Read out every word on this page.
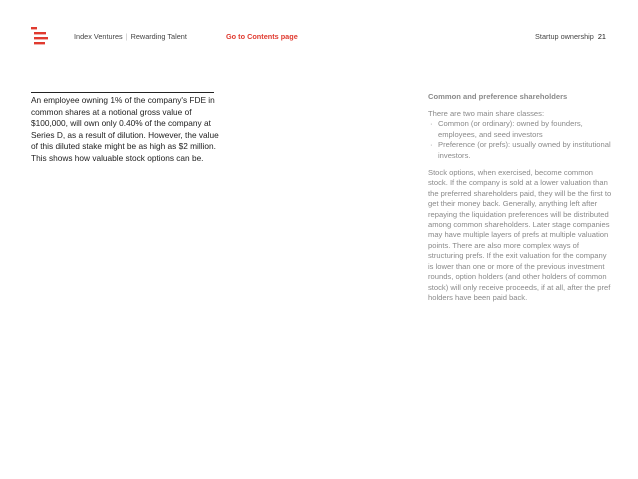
Index Ventures | Rewarding Talent	Go to Contents page	Startup ownership 21

An employee owning 1% of the company's FDE in common shares at a notional gross value of $100,000, will own only 0.40% of the company at Series D, as a result of dilution. However, the value of this diluted stake might be as high as $2 million. This shows how valuable stock options can be.

Common and preference shareholders

There are two main share classes:

· Common (or ordinary): owned by founders, employees, and seed investors
· Preference (or prefs): usually owned by institutional investors.

Stock options, when exercised, become common stock. If the company is sold at a lower valuation than the preferred shareholders paid, they will be the first to get their money back. Generally, anything left after repaying the liquidation preferences will be distributed among common shareholders. Later stage companies may have multiple layers of prefs at multiple valuation points. There are also more complex ways of structuring prefs. If the exit valuation for the company is lower than one or more of the previous investment rounds, option holders (and other holders of common stock) will only receive proceeds, if at all, after the pref holders have been paid back.
